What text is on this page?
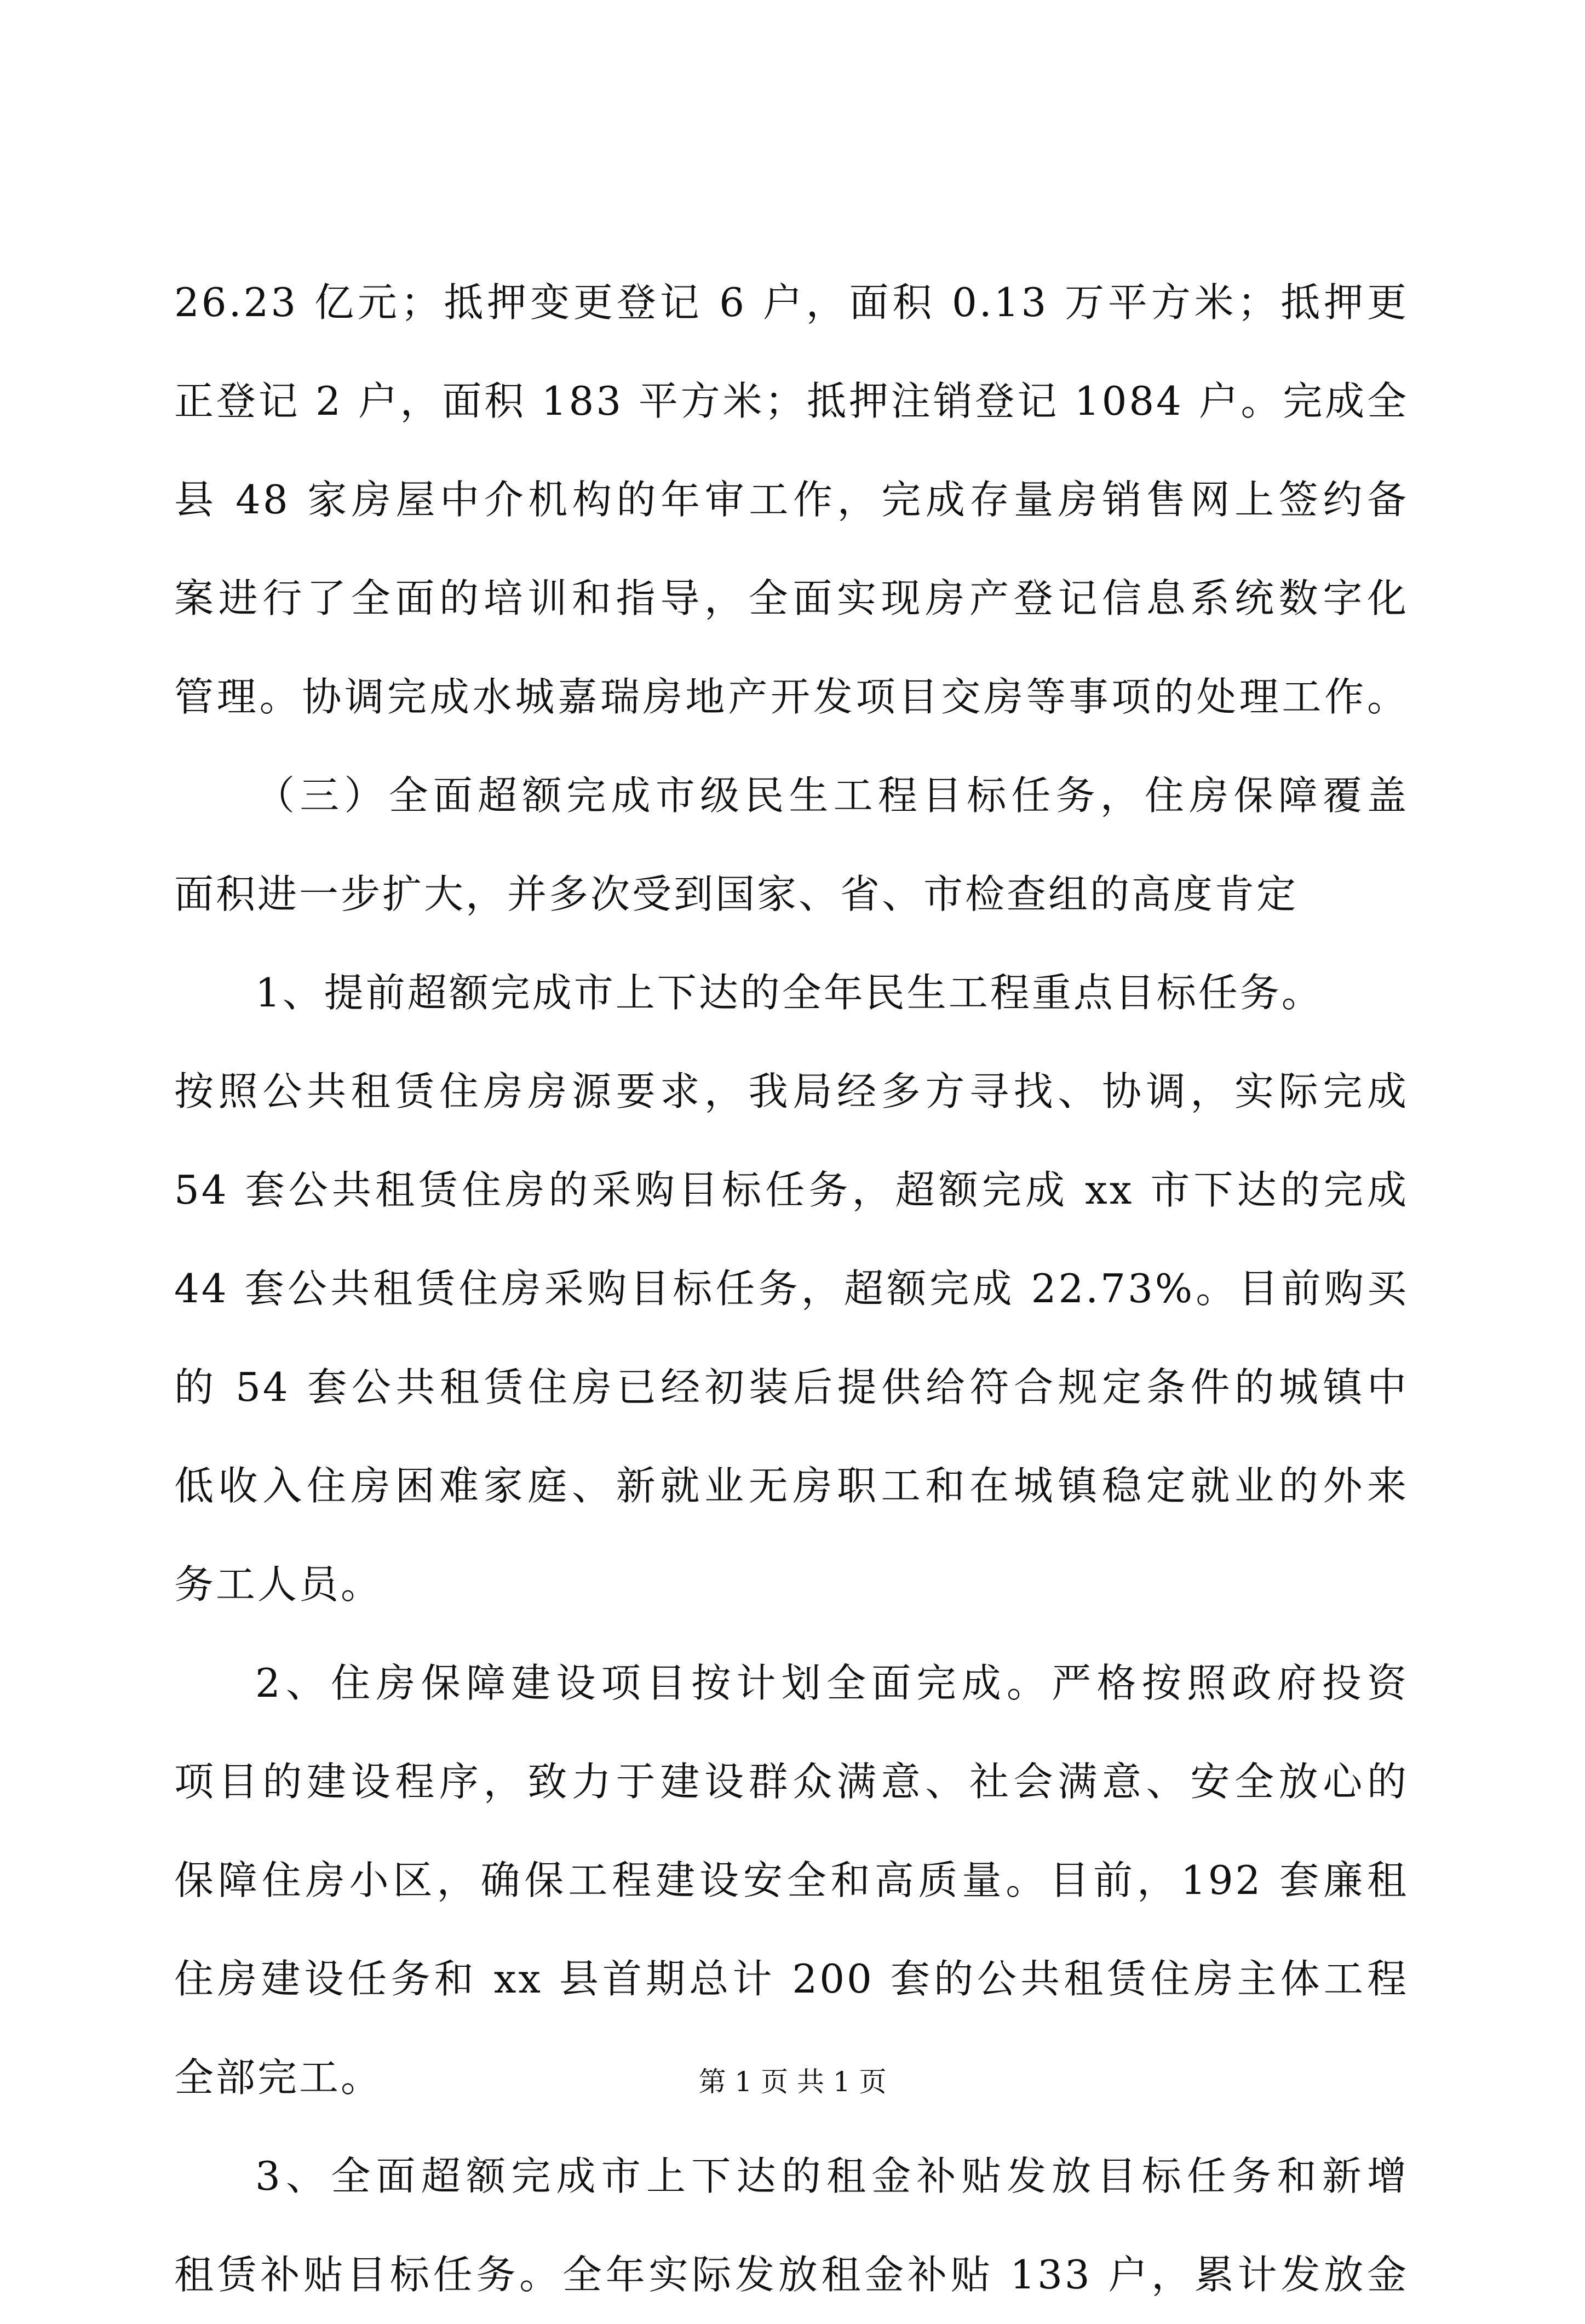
26.23 亿元；抵押变更登记 6 户，面积 0.13 万平方米；抵押更
正登记 2 户，面积 183 平方米；抵押注销登记 1084 户。完成全
县 48 家房屋中介机构的年审工作，完成存量房销售网上签约备
案进行了全面的培训和指导，全面实现房产登记信息系统数字化
管理。协调完成水城嘉瑞房地产开发项目交房等事项的处理工作。
（三）全面超额完成市级民生工程目标任务，住房保障覆盖
面积进一步扩大，并多次受到国家、省、市检查组的高度肯定
1、提前超额完成市上下达的全年民生工程重点目标任务。
按照公共租赁住房房源要求，我局经多方寻找、协调，实际完成
54 套公共租赁住房的采购目标任务，超额完成 xx 市下达的完成
44 套公共租赁住房采购目标任务，超额完成 22.73%。目前购买
的 54 套公共租赁住房已经初装后提供给符合规定条件的城镇中
低收入住房困难家庭、新就业无房职工和在城镇稳定就业的外来
务工人员。
2、住房保障建设项目按计划全面完成。严格按照政府投资
项目的建设程序，致力于建设群众满意、社会满意、安全放心的
保障住房小区，确保工程建设安全和高质量。目前，192 套廉租
住房建设任务和 xx 县首期总计 200 套的公共租赁住房主体工程
全部完工。
3、全面超额完成市上下达的租金补贴发放目标任务和新增
租赁补贴目标任务。全年实际发放租金补贴 133 户，累计发放金
第 1 页 共 1 页
